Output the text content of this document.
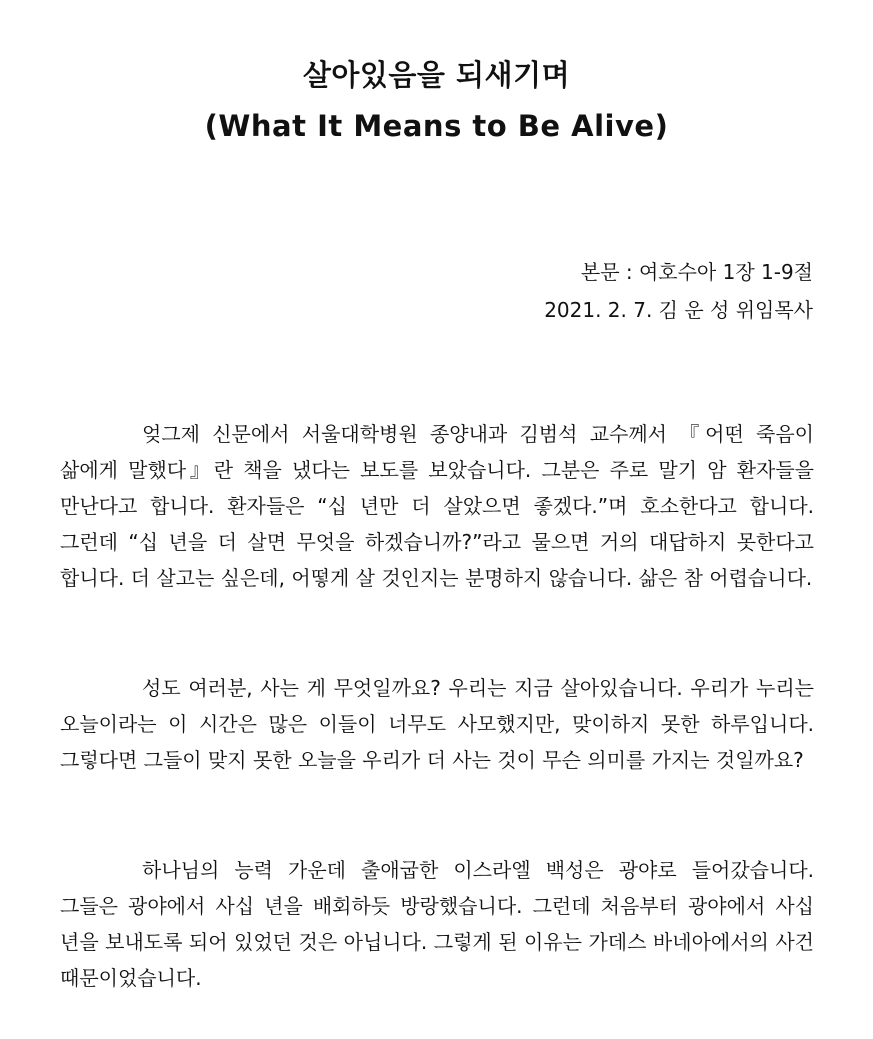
살아있음을 되새기며
(What It Means to Be Alive)
본문 : 여호수아 1장 1-9절
2021. 2. 7. 김 운 성 위임목사

엊그제 신문에서 서울대학병원 종양내과 김범석 교수께서 『어떤 죽음이 삶에게 말했다』란 책을 냈다는 보도를 보았습니다. 그분은 주로 말기 암 환자들을 만난다고 합니다. 환자들은 “십 년만 더 살았으면 좋겠다.”며 호소한다고 합니다. 그런데 “십 년을 더 살면 무엇을 하겠습니까?”라고 물으면 거의 대답하지 못한다고 합니다. 더 살고는 싶은데, 어떻게 살 것인지는 분명하지 않습니다. 삶은 참 어렵습니다.

성도 여러분, 사는 게 무엇일까요? 우리는 지금 살아있습니다. 우리가 누리는 오늘이라는 이 시간은 많은 이들이 너무도 사모했지만, 맞이하지 못한 하루입니다. 그렇다면 그들이 맞지 못한 오늘을 우리가 더 사는 것이 무슨 의미를 가지는 것일까요?

하나님의 능력 가운데 출애굽한 이스라엘 백성은 광야로 들어갔습니다. 그들은 광야에서 사십 년을 배회하듯 방랑했습니다. 그런데 처음부터 광야에서 사십 년을 보내도록 되어 있었던 것은 아닙니다. 그렇게 된 이유는 가데스 바네아에서의 사건 때문이었습니다.
